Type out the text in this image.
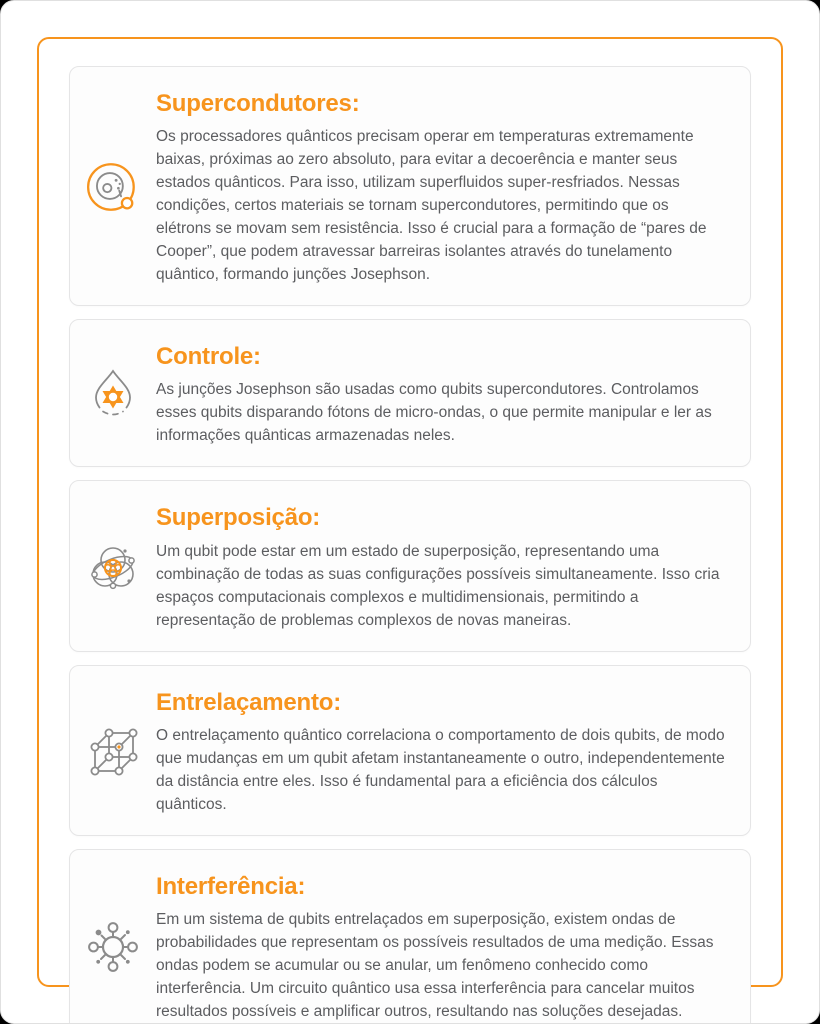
Supercondutores:

Os processadores quânticos precisam operar em temperaturas extremamente baixas, próximas ao zero absoluto, para evitar a decoerência e manter seus estados quânticos. Para isso, utilizam superfluidos super-resfriados. Nessas condições, certos materiais se tornam supercondutores, permitindo que os elétrons se movam sem resistência. Isso é crucial para a formação de “pares de Cooper”, que podem atravessar barreiras isolantes através do tunelamento quântico, formando junções Josephson.

Controle:

As junções Josephson são usadas como qubits supercondutores. Controlamos esses qubits disparando fótons de micro-ondas, o que permite manipular e ler as informações quânticas armazenadas neles.

Superposição:

Um qubit pode estar em um estado de superposição, representando uma combinação de todas as suas configurações possíveis simultaneamente. Isso cria espaços computacionais complexos e multidimensionais, permitindo a representação de problemas complexos de novas maneiras.

Entrelaçamento:

O entrelaçamento quântico correlaciona o comportamento de dois qubits, de modo que mudanças em um qubit afetam instantaneamente o outro, independentemente da distância entre eles. Isso é fundamental para a eficiência dos cálculos quânticos.

Interferência:

Em um sistema de qubits entrelaçados em superposição, existem ondas de probabilidades que representam os possíveis resultados de uma medição. Essas ondas podem se acumular ou se anular, um fenômeno conhecido como interferência. Um circuito quântico usa essa interferência para cancelar muitos resultados possíveis e amplificar outros, resultando nas soluções desejadas.
